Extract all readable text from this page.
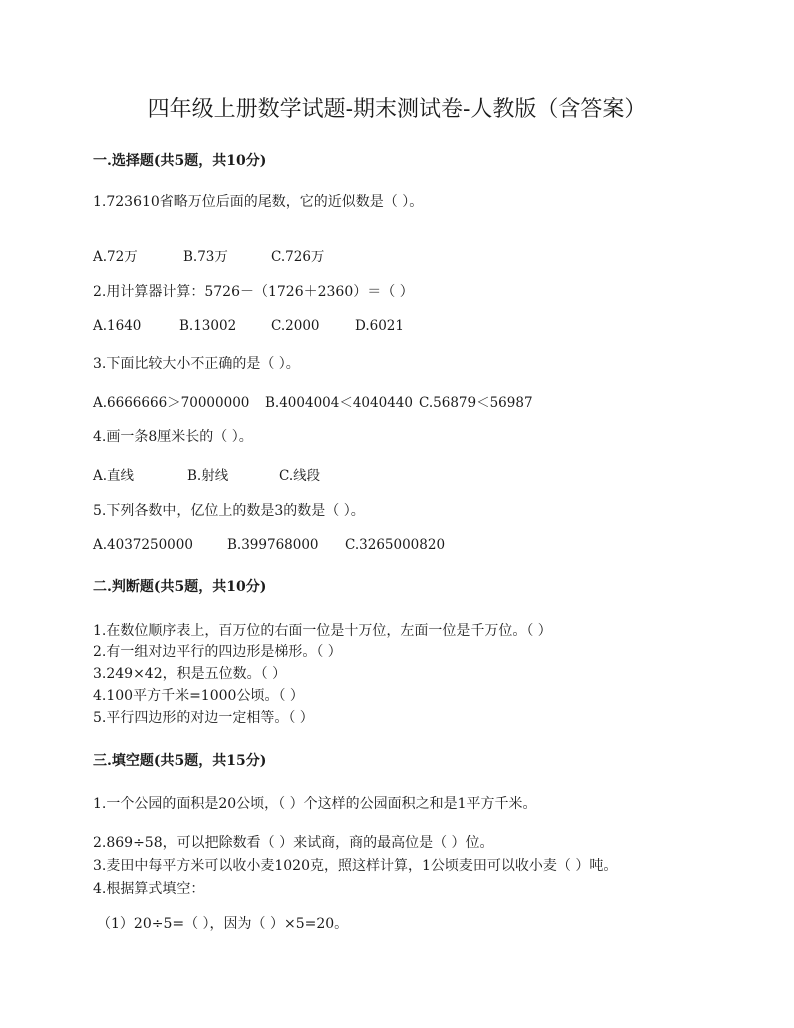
四年级上册数学试题-期末测试卷-人教版（含答案）
一.选择题(共5题，共10分)
1.723610省略万位后面的尾数，它的近似数是（ ）。
A.72万	B.73万	C.726万
2.用计算器计算：5726－（1726＋2360）＝（ ）
A.1640	B.13002	C.2000	D.6021
3.下面比较大小不正确的是（ ）。
A.6666666＞70000000 B.4004004＜4040440 C.56879＜56987
4.画一条8厘米长的（ ）。
A.直线	B.射线	C.线段
5.下列各数中，亿位上的数是3的数是（ ）。
A.4037250000	B.399768000 C.3265000820
二.判断题(共5题，共10分)
1.在数位顺序表上，百万位的右面一位是十万位，左面一位是千万位。（ ）
2.有一组对边平行的四边形是梯形。（ ）
3.249×42，积是五位数。（ ）
4.100平方千米=1000公顷。（ ）
5.平行四边形的对边一定相等。（ ）
三.填空题(共5题，共15分)
1.一个公园的面积是20公顷，（ ）个这样的公园面积之和是1平方千米。
2.869÷58，可以把除数看（ ）来试商，商的最高位是（ ）位。
3.麦田中每平方米可以收小麦1020克，照这样计算，1公顷麦田可以收小麦（ ）吨。
4.根据算式填空：
（1）20÷5=（ ），因为（ ）×5=20。
